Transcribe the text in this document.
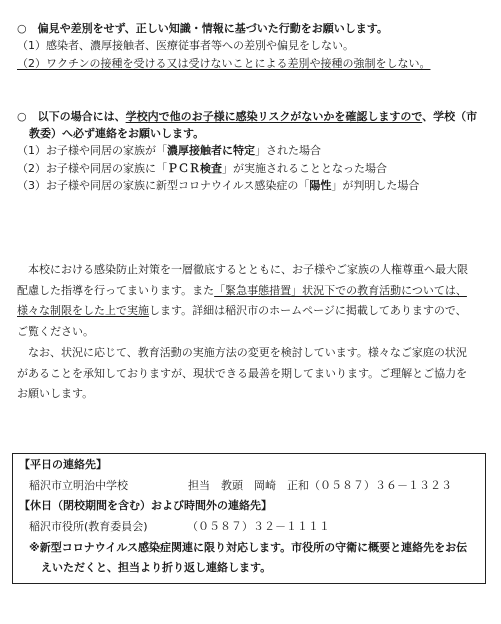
○　偏見や差別をせず、正しい知識・情報に基づいた行動をお願いします。
（1）感染者、濃厚接触者、医療従事者等への差別や偏見をしない。
（2）ワクチンの接種を受ける又は受けないことによる差別や接種の強制をしない。
○　以下の場合には、学校内で他のお子様に感染リスクがないかを確認しますので、学校（市
教委）へ必ず連絡をお願いします。
（1）お子様や同居の家族が「濃厚接触者に特定」された場合
（2）お子様や同居の家族に「ＰＣＲ検査」が実施されることとなった場合
（3）お子様や同居の家族に新型コロナウイルス感染症の「陽性」が判明した場合
　本校における感染防止対策を一層徹底するとともに、お子様やご家族の人権尊重へ最大限
配慮した指導を行ってまいります。また「緊急事態措置」状況下での教育活動については、
様々な制限をした上で実施します。詳細は稲沢市のホームページに掲載してありますので、
ご覧ください。
　なお、状況に応じて、教育活動の実施方法の変更を検討しています。様々なご家庭の状況
があることを承知しておりますが、現状できる最善を期してまいります。ご理解とご協力を
お願いします。
【平日の連絡先】
稲沢市立明治中学校	担当　教頭　岡崎　正和（０５８７）３６－１３２３
【休日（閉校期間を含む）および時間外の連絡先】
稲沢市役所(教育委員会)	（０５８７）３２－１１１１
※新型コロナウイルス感染症関連に限り対応します。市役所の守衛に概要と連絡先をお伝
えいただくと、担当より折り返し連絡します。
